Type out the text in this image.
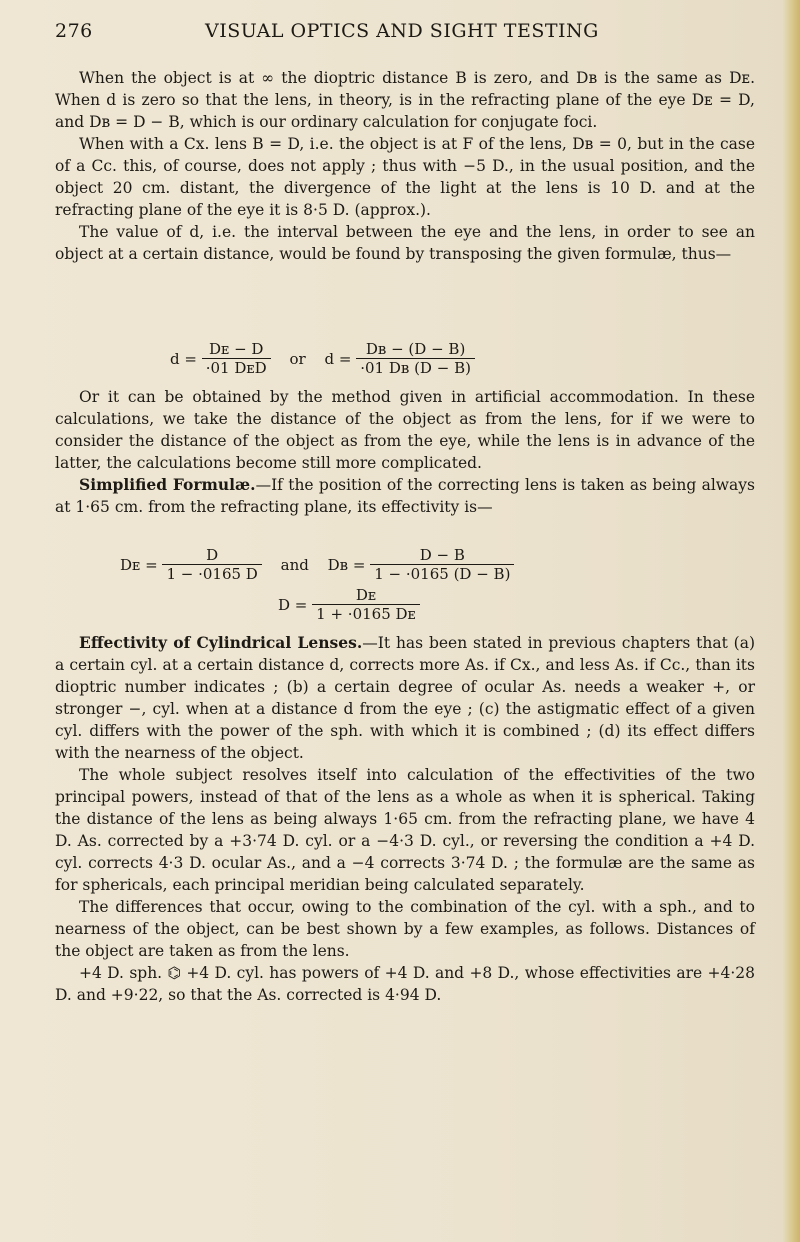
276	VISUAL OPTICS AND SIGHT TESTING

When the object is at ∞ the dioptric distance B is zero, and Dʙ is the same as Dᴇ. When d is zero so that the lens, in theory, is in the refracting plane of the eye Dᴇ = D, and Dʙ = D − B, which is our ordinary calculation for conjugate foci.

When with a Cx. lens B = D, i.e. the object is at F of the lens, Dʙ = 0, but in the case of a Cc. this, of course, does not apply ; thus with −5 D., in the usual position, and the object 20 cm. distant, the divergence of the light at the lens is 10 D. and at the refracting plane of the eye it is 8·5 D. (approx.).

The value of d, i.e. the interval between the eye and the lens, in order to see an object at a certain distance, would be found by transposing the given formulæ, thus—

$d = \frac{\text{Dᴇ − D}}{\text{·01 DᴇD}}$ or $d = \frac{\text{Dʙ − (D − B)}}{\text{·01 Dʙ (D − B)}}$

Or it can be obtained by the method given in artificial accommodation. In these calculations, we take the distance of the object as from the lens, for if we were to consider the distance of the object as from the eye, while the lens is in advance of the latter, the calculations become still more complicated.

Simplified Formulæ.—If the position of the correcting lens is taken as being always at 1·65 cm. from the refracting plane, its effectivity is—

Dᴇ = $\frac{D}{1 - \cdot 0165 D}$ and Dʙ = $\frac{D - B}{1 - \cdot 0165 (D - B)}$
$D = \frac{\text{Dᴇ}}{\text{1 + ·0165 Dᴇ}}$

Effectivity of Cylindrical Lenses.—It has been stated in previous chapters that (a) a certain cyl. at a certain distance d, corrects more As. if Cx., and less As. if Cc., than its dioptric number indicates ; (b) a certain degree of ocular As. needs a weaker +, or stronger −, cyl. when at a distance d from the eye ; (c) the astigmatic effect of a given cyl. differs with the power of the sph. with which it is combined ; (d) its effect differs with the nearness of the object.

The whole subject resolves itself into calculation of the effectivities of the two principal powers, instead of that of the lens as a whole as when it is spherical. Taking the distance of the lens as being always 1·65 cm. from the refracting plane, we have 4 D. As. corrected by a +3·74 D. cyl. or a −4·3 D. cyl., or reversing the condition a +4 D. cyl. corrects 4·3 D. ocular As., and a −4 corrects 3·74 D. ; the formulæ are the same as for sphericals, each principal meridian being calculated separately.

The differences that occur, owing to the combination of the cyl. with a sph., and to nearness of the object, can be best shown by a few examples, as follows. Distances of the object are taken as from the lens.

+4 D. sph. ⌬ +4 D. cyl. has powers of +4 D. and +8 D., whose effectivities are +4·28 D. and +9·22, so that the As. corrected is 4·94 D.
